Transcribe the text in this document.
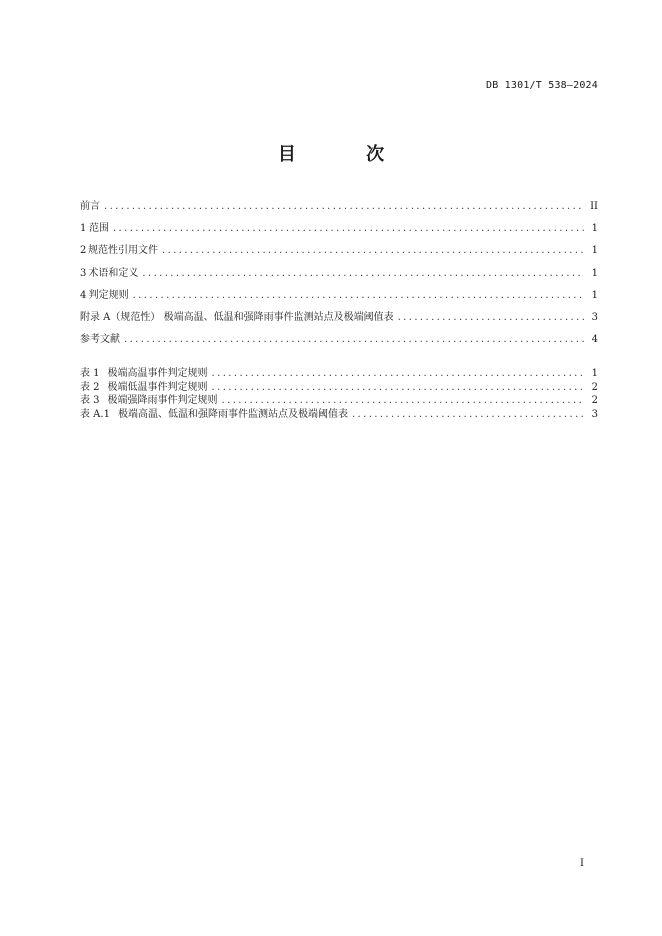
DB 1301/T 538—2024
目 次
前言 .....	II
1 范围 .....	1
2 规范性引用文件 .....	1
3 术语和定义 .....	1
4 判定规则 .....	1
附录 A（规范性） 极端高温、低温和强降雨事件监测站点及极端阈值表 .....	3
参考文献 .....	4
表 1 极端高温事件判定规则 .....	1
表 2 极端低温事件判定规则 .....	2
表 3 极端强降雨事件判定规则 .....	2
表 A.1 极端高温、低温和强降雨事件监测站点及极端阈值表 .....	3
I
